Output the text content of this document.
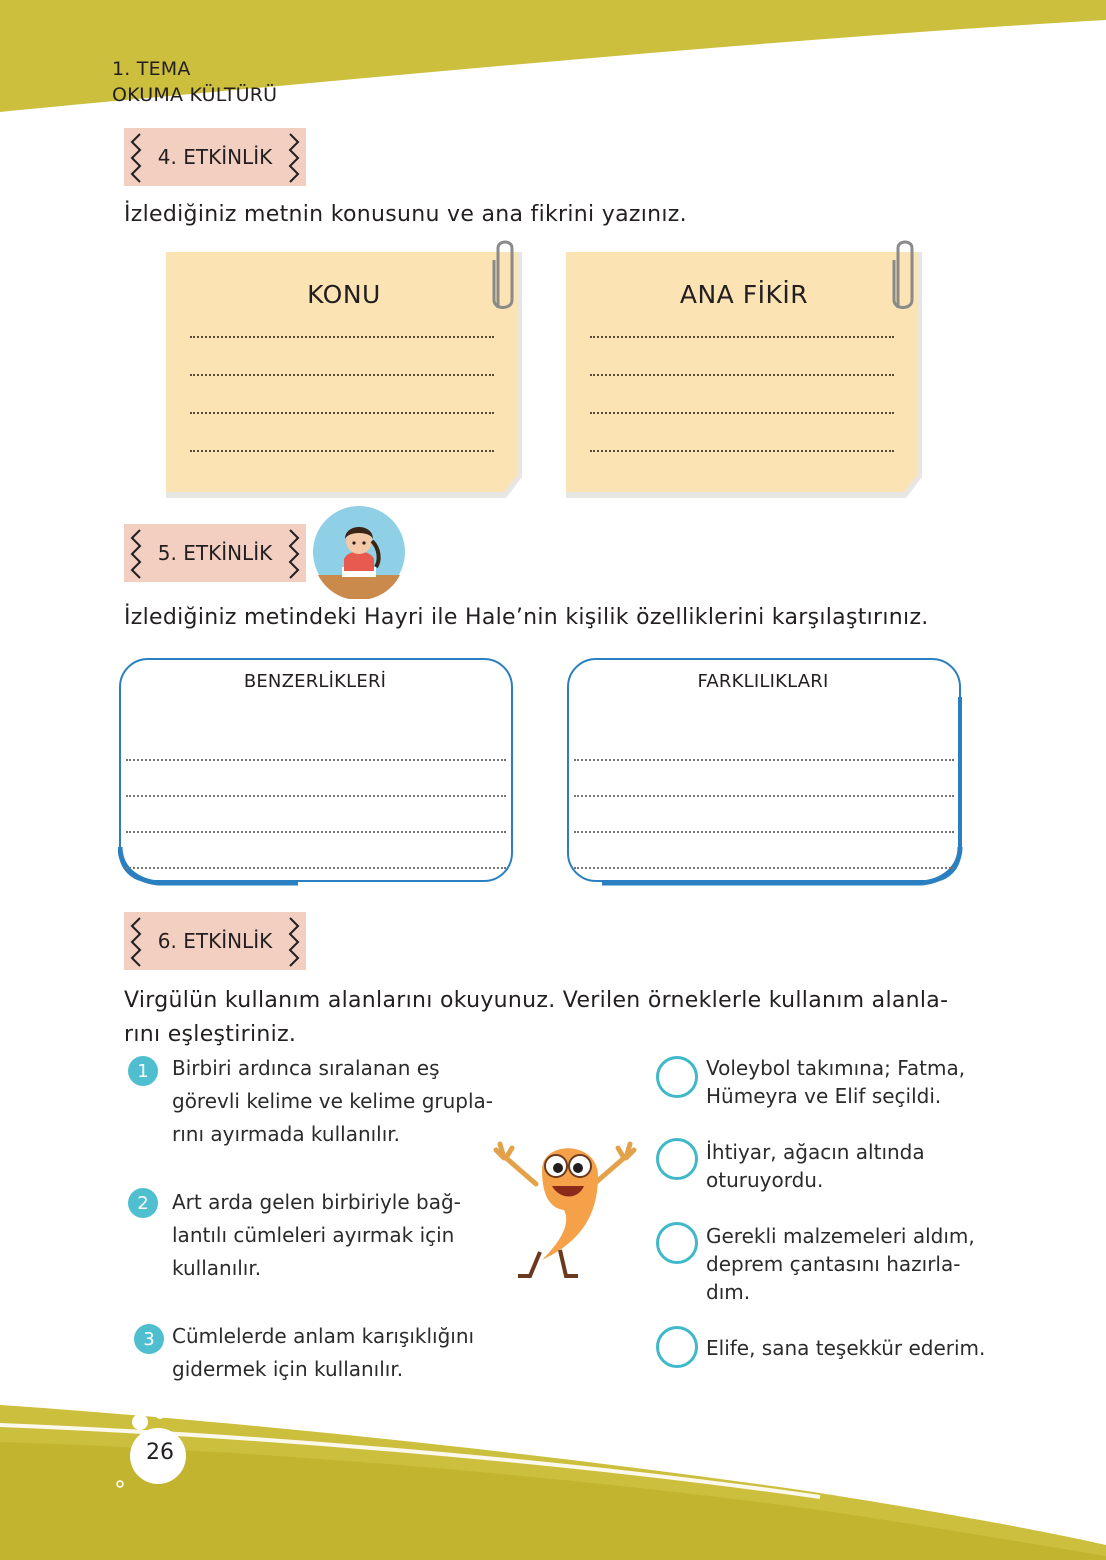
1. TEMA
OKUMA KÜLTÜRÜ
4. ETKİNLİK
İzlediğiniz metnin konusunu ve ana fikrini yazınız.
KONU	ANA FİKİR
5. ETKİNLİK
İzlediğiniz metindeki Hayri ile Hale’nin kişilik özelliklerini karşılaştırınız.
BENZERLİKLERİ	FARKLILIKLARI
6. ETKİNLİK
Virgülün kullanım alanlarını okuyunuz. Verilen örneklerle kullanım alanla-
rını eşleştiriniz.
1	Birbiri ardınca sıralanan eş
görevli kelime ve kelime grupla-
rını ayırmada kullanılır.
2	Art arda gelen birbiriyle bağ-
lantılı cümleleri ayırmak için
kullanılır.
3 Cümlelerde anlam karışıklığını
gidermek için kullanılır.
Voleybol takımına; Fatma,
Hümeyra ve Elif seçildi.
İhtiyar, ağacın altında
oturuyordu.
Gerekli malzemeleri aldım,
deprem çantasını hazırla-
dım.
Elife, sana teşekkür ederim.
26
